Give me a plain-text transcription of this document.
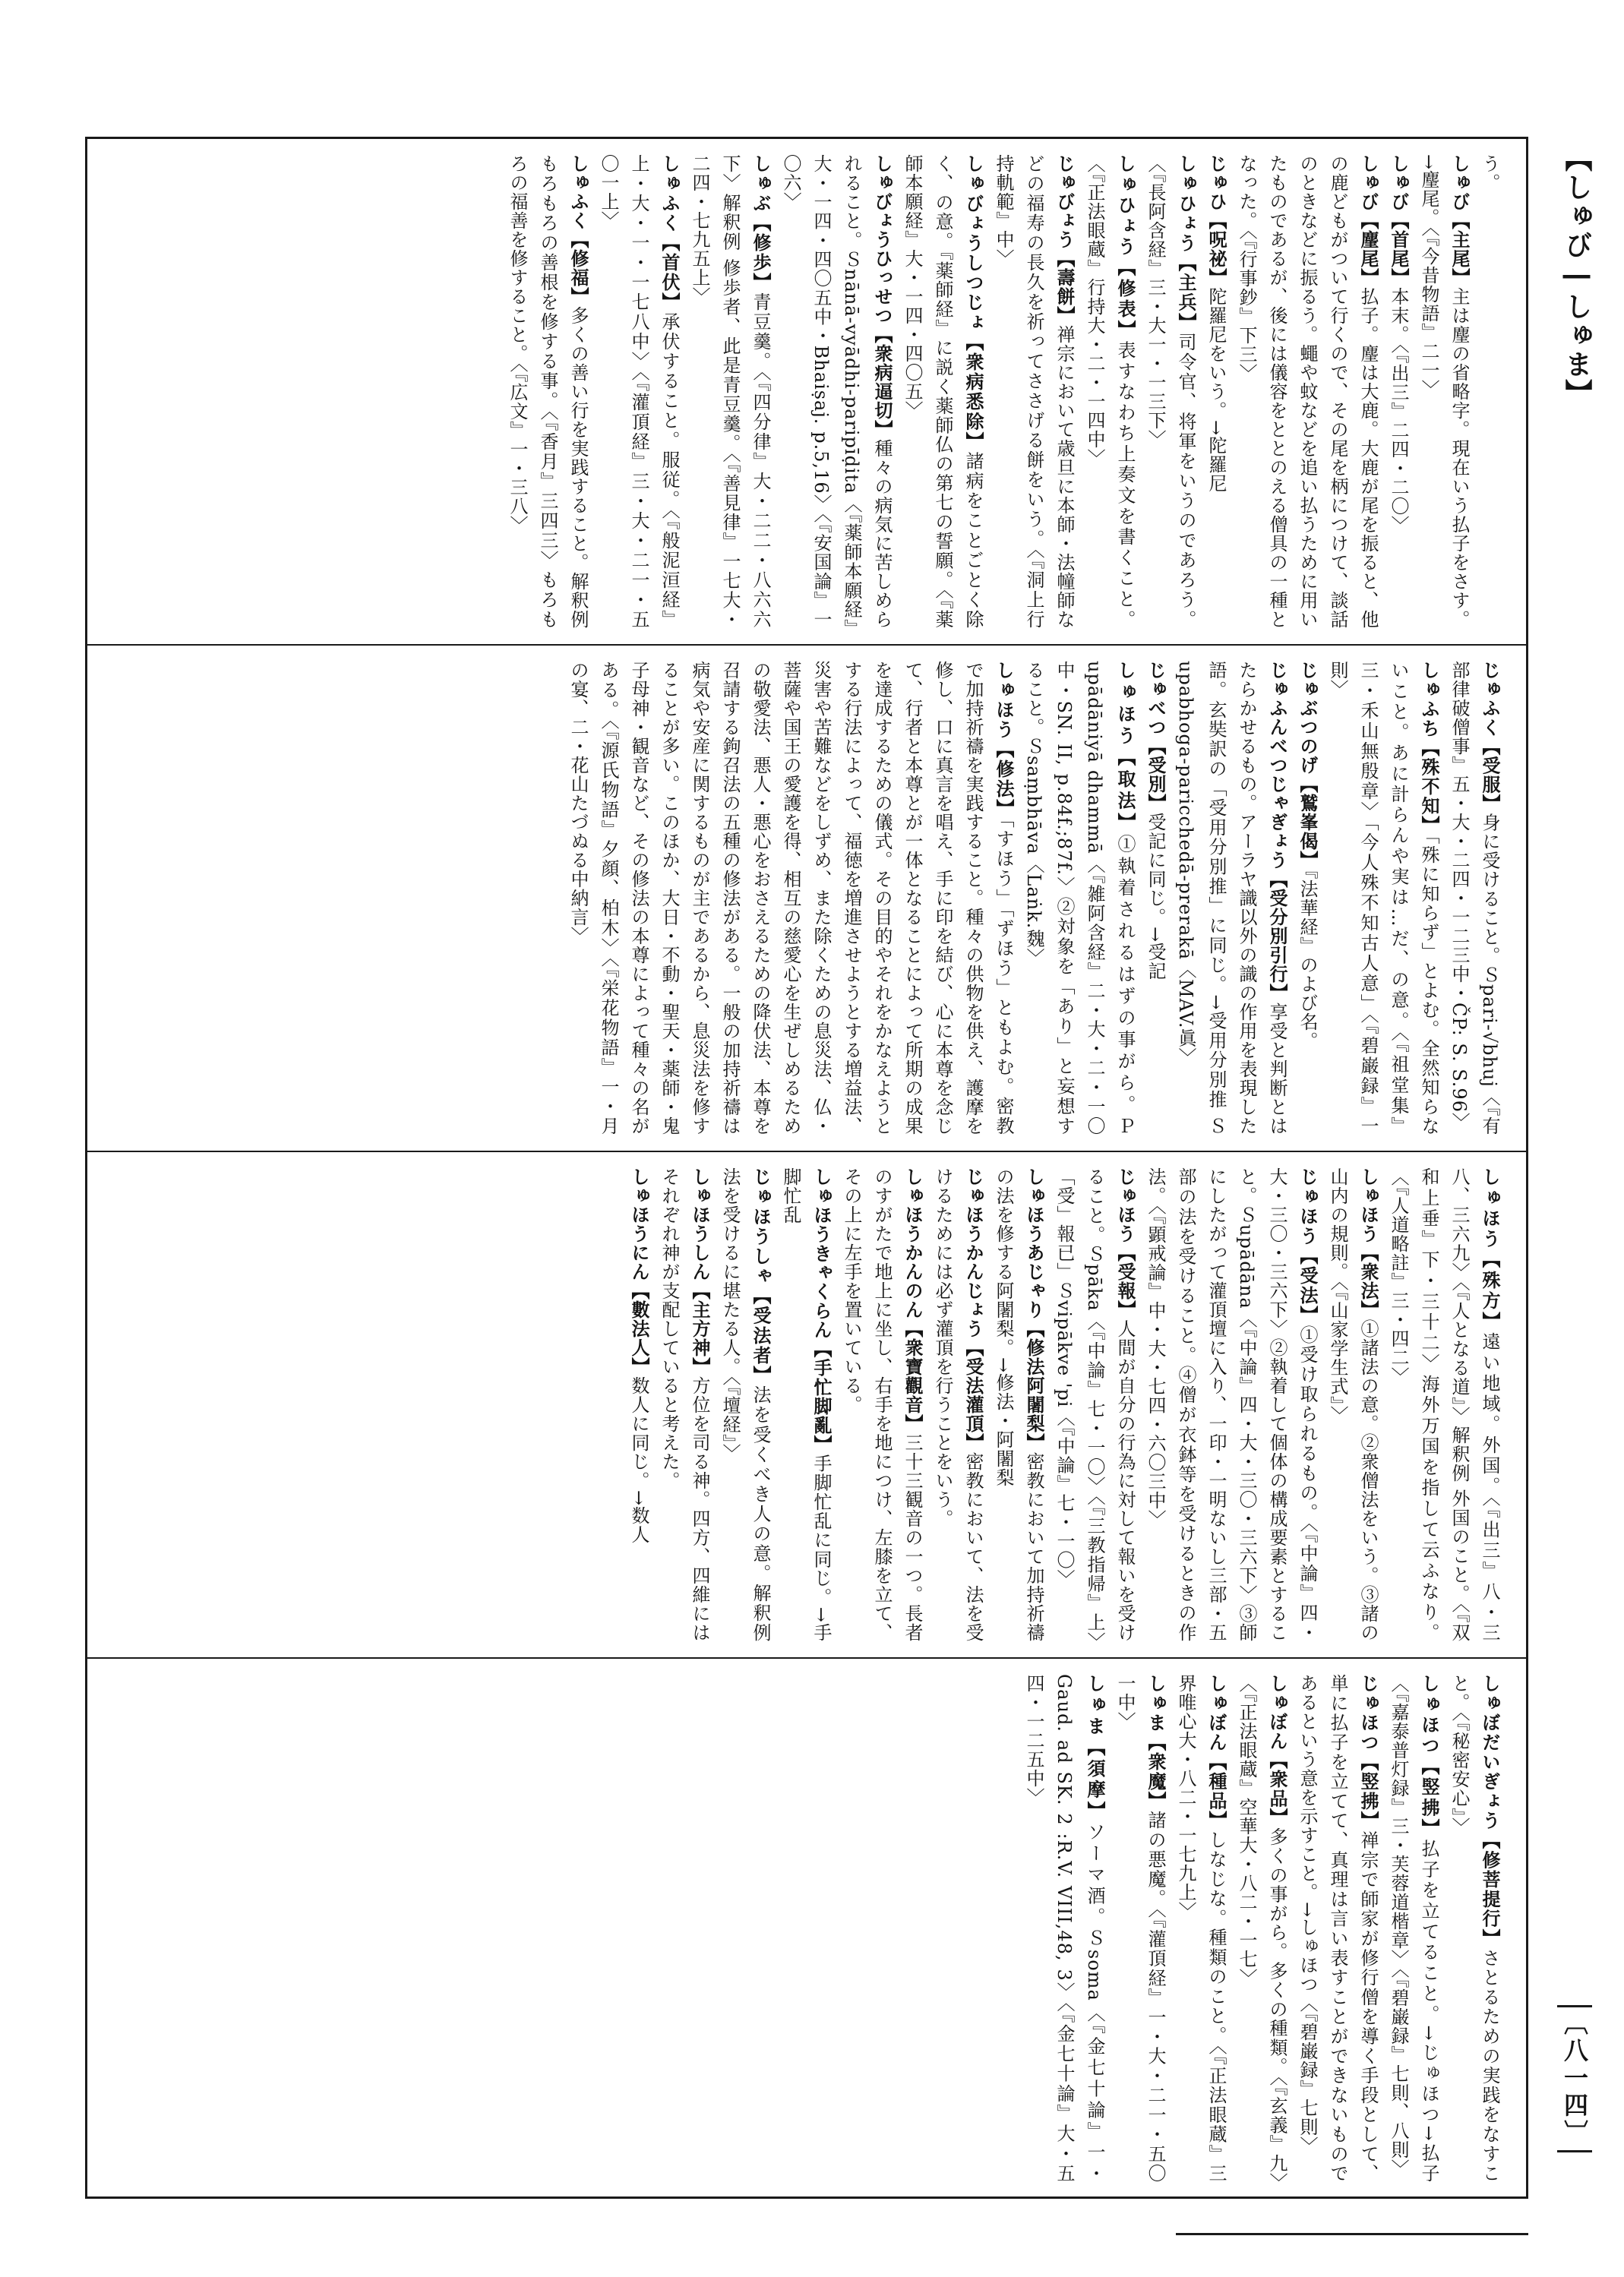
う。
しゅび【主尾】主は麈の省略字。現在いう払子をさす。→麈尾。〈『今昔物語』二一〉
しゅび【首尾】本末。〈『出三』二四・二〇〉
しゅび【麈尾】払子。麈は大鹿。大鹿が尾を振ると、他の鹿どもがついて行くので、その尾を柄につけて、談話のときなどに振るう。蠅や蚊などを追い払うために用いたものであるが、後には儀容をととのえる僧具の一種となった。〈『行事鈔』下三〉
じゅひ【呪祕】陀羅尼をいう。→陀羅尼
しゅひょう【主兵】司令官、将軍をいうのであろう。〈『長阿含経』三・大一・一三下〉
しゅひょう【修表】表すなわち上奏文を書くこと。〈『正法眼蔵』行持大・二・一四中〉
じゅびょう【壽餅】禅宗において歳旦に本師・法幢師などの福寿の長久を祈ってささげる餅をいう。〈『洞上行持軌範』中〉
しゅびょうしつじょ【衆病悉除】諸病をことごとく除く、の意。『薬師経』に説く薬師仏の第七の誓願。〈『薬師本願経』大・一四・四〇五〉
しゅびょうひっせつ【衆病逼切】種々の病気に苦しめられること。Ｓnānā-vyādhi-paripīḍita〈『薬師本願経』大・一四・四〇五中・Bhaiṣaj. p.5,16〉〈『安国論』一〇六〉
しゅぶ【修歩】青豆羹。〈『四分律』大・二二・八六六下〉解釈例 修歩者、此是青豆羹。〈『善見律』一七大・二四・七九五上〉
しゅふく【首伏】承伏すること。服従。〈『般泥洹経』上・大・一・一七八中〉〈『灌頂経』三・大・二一・五〇一上〉
しゅふく【修福】多くの善い行を実践すること。解釈例 もろもろの善根を修する事。〈『香月』三四三〉もろもろの福善を修すること。〈『広文』一・三八〉
じゅふく【受服】身に受けること。Ｓpari-√bhuj〈『有部律破僧事』五・大・二四・一二三中・ČP: S. S.96〉
しゅふち【殊不知】「殊に知らず」とよむ。全然知らないこと。あに計らんや実は…だ、の意。〈『祖堂集』三・禾山無殷章〉「今人殊不知古人意」〈『碧巌録』一則〉
じゅぶつのげ【鷲峯偈】『法華経』のよび名。
じゅふんべつじゃぎょう【受分別引行】享受と判断とはたらかせるもの。アーラヤ識以外の識の作用を表現した語。玄奘訳の「受用分別推」に同じ。→受用分別推 Ｓupabhoga-paricchedā-prerakā〈MAV.眞〉
じゅべつ【受別】受記に同じ。→受記
しゅほう【取法】①執着されるはずの事がら。Ｐupādāniyā dhammā〈『雑阿含経』二・大・二・一〇中・SN. II, p.84f.;87f.〉②対象を「あり」と妄想すること。Ｓsaṃbhāva〈Laṅk.魏〉
しゅほう【修法】「すほう」「ずほう」ともよむ。密教で加持祈禱を実践すること。種々の供物を供え、護摩を修し、口に真言を唱え、手に印を結び、心に本尊を念じて、行者と本尊とが一体となることによって所期の成果を達成するための儀式。その目的やそれをかなえようとする行法によって、福徳を増進させようとする増益法、災害や苦難などをしずめ、また除くための息災法、仏・菩薩や国王の愛護を得、相互の慈愛心を生ぜしめるための敬愛法、悪人・悪心をおさえるための降伏法、本尊を召請する鉤召法の五種の修法がある。一般の加持祈禱は病気や安産に関するものが主であるから、息災法を修することが多い。このほか、大日・不動・聖天・薬師・鬼子母神・観音など、その修法の本尊によって種々の名がある。〈『源氏物語』夕顔、柏木〉〈『栄花物語』一・月の宴、二・花山たづぬる中納言〉
しゅほう【殊方】遠い地域。外国。〈『出三』八・三八、三六九〉〈『人となる道』〉解釈例 外国のこと。〈『双和上垂』下・三十二〉海外万国を指して云ふなり。〈『人道略註』三・四二〉
しゅほう【衆法】①諸法の意。②衆僧法をいう。③諸の山内の規則。〈『山家学生式』〉
じゅほう【受法】①受け取られるもの。〈『中論』四・大・三〇・三六下〉②執着して個体の構成要素とすること。Ｓupādāna〈『中論』四・大・三〇・三六下〉③師にしたがって灌頂壇に入り、一印・一明ないし三部・五部の法を受けること。④僧が衣鉢等を受けるときの作法。〈『顕戒論』中・大・七四・六〇三中〉
じゅほう【受報】人間が自分の行為に対して報いを受けること。Ｓpāka〈『中論』七・一〇〉〈『三教指帰』上〉「受」報已」Ｓvipākve 'pi〈『中論』七・一〇〉
しゅほうあじゃり【修法阿闍梨】密教において加持祈禱の法を修する阿闍梨。→修法・阿闍梨
じゅほうかんじょう【受法灌頂】密教において、法を受けるためには必ず灌頂を行うことをいう。
しゅほうかんのん【衆寶觀音】三十三観音の一つ。長者のすがたで地上に坐し、右手を地につけ、左膝を立て、その上に左手を置いている。
しゅほうきゃくらん【手忙脚亂】手脚忙乱に同じ。→手脚忙乱
じゅほうしゃ【受法者】法を受くべき人の意。解釈例 法を受けるに堪たる人。〈『壇経』〉
しゅほうしん【主方神】方位を司る神。四方、四維にはそれぞれ神が支配していると考えた。
しゅほうにん【數法人】数人に同じ。→数人
しゅぼだいぎょう【修菩提行】さとるための実践をなすこと。〈『秘密安心』〉
しゅほつ【竪拂】払子を立てること。→じゅほつ→払子〈『嘉泰普灯録』三・芙蓉道楷章〉〈『碧巌録』七則、八則〉
じゅほつ【竪拂】禅宗で師家が修行僧を導く手段として、単に払子を立てて、真理は言い表すことができないものであるという意を示すこと。→しゅほつ〈『碧巌録』七則〉
しゅぼん【衆品】多くの事がら。多くの種類。〈『玄義』九〉〈『正法眼蔵』空華大・八二・一七〉
しゅぼん【種品】しなじな。種類のこと。〈『正法眼蔵』三界唯心大・八二・一七九上〉
しゅま【衆魔】諸の悪魔。〈『灌頂経』一・大・二一・五〇一中〉
しゅま【須摩】ソーマ酒。Ｓsoma〈『金七十論』一・Gaud. ad SK. 2 :R.V. VIII,48, 3〉〈『金七十論』大・五四・一二五中〉
【しゅび―しゅま】
〔八一四〕
